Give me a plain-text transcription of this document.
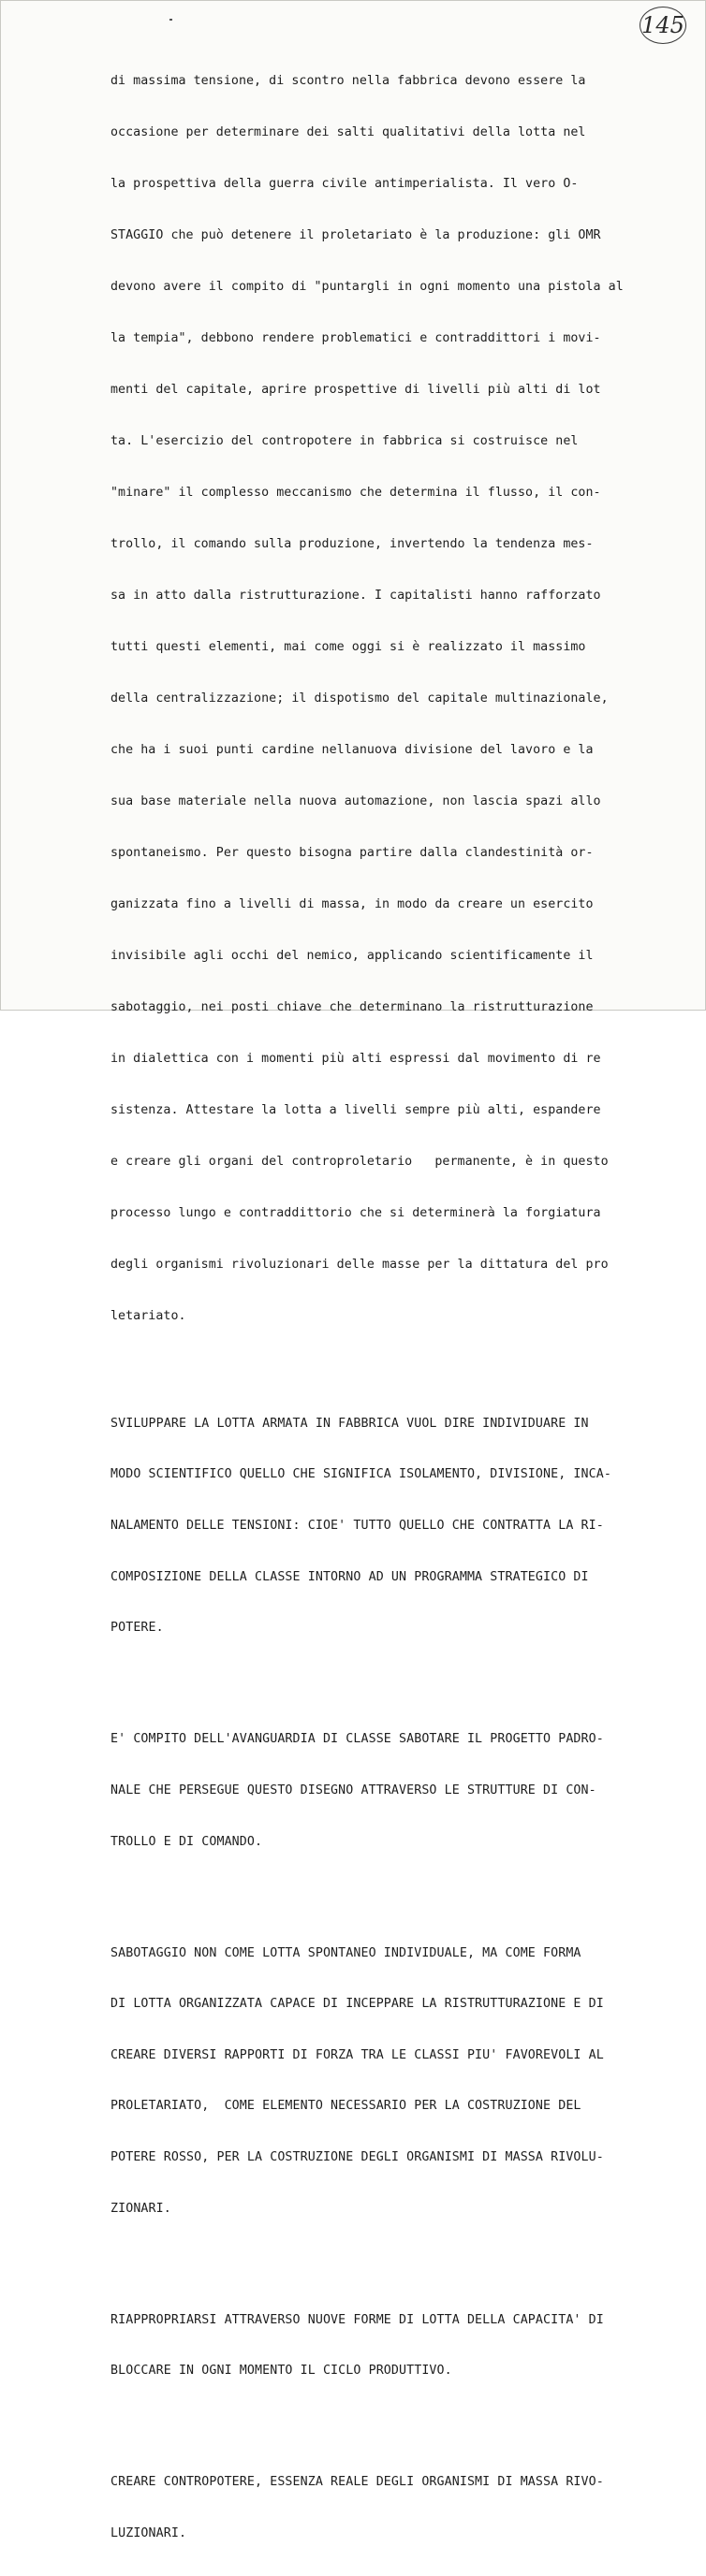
145

di massima tensione, di scontro nella fabbrica devono essere la

occasione per determinare dei salti qualitativi della lotta nel

la prospettiva della guerra civile antimperialista. Il vero O-

STAGGIO che può detenere il proletariato è la produzione: gli OMR

devono avere il compito di "puntargli in ogni momento una pistola al

la tempia", debbono rendere problematici e contraddittori i movi-

menti del capitale, aprire prospettive di livelli più alti di lot

ta. L'esercizio del contropotere in fabbrica si costruisce nel

"minare" il complesso meccanismo che determina il flusso, il con-

trollo, il comando sulla produzione, invertendo la tendenza mes-

sa in atto dalla ristrutturazione. I capitalisti hanno rafforzato

tutti questi elementi, mai come oggi si è realizzato il massimo

della centralizzazione; il dispotismo del capitale multinazionale,

che ha i suoi punti cardine nellanuova divisione del lavoro e la

sua base materiale nella nuova automazione, non lascia spazi allo

spontaneismo. Per questo bisogna partire dalla clandestinità or-

ganizzata fino a livelli di massa, in modo da creare un esercito

invisibile agli occhi del nemico, applicando scientificamente il

sabotaggio, nei posti chiave che determinano la ristrutturazione

in dialettica con i momenti più alti espressi dal movimento di re

sistenza. Attestare la lotta a livelli sempre più alti, espandere

e creare gli organi del controproletario   permanente, è in questo

processo lungo e contraddittorio che si determinerà la forgiatura

degli organismi rivoluzionari delle masse per la dittatura del pro

letariato.

SVILUPPARE LA LOTTA ARMATA IN FABBRICA VUOL DIRE INDIVIDUARE IN

MODO SCIENTIFICO QUELLO CHE SIGNIFICA ISOLAMENTO, DIVISIONE, INCA-

NALAMENTO DELLE TENSIONI: CIOE' TUTTO QUELLO CHE CONTRATTA LA RI-

COMPOSIZIONE DELLA CLASSE INTORNO AD UN PROGRAMMA STRATEGICO DI

POTERE.

E' COMPITO DELL'AVANGUARDIA DI CLASSE SABOTARE IL PROGETTO PADRO-

NALE CHE PERSEGUE QUESTO DISEGNO ATTRAVERSO LE STRUTTURE DI CON-

TROLLO E DI COMANDO.

SABOTAGGIO NON COME LOTTA SPONTANEO INDIVIDUALE, MA COME FORMA

DI LOTTA ORGANIZZATA CAPACE DI INCEPPARE LA RISTRUTTURAZIONE E DI

CREARE DIVERSI RAPPORTI DI FORZA TRA LE CLASSI PIU' FAVOREVOLI AL

PROLETARIATO,  COME ELEMENTO NECESSARIO PER LA COSTRUZIONE DEL

POTERE ROSSO, PER LA COSTRUZIONE DEGLI ORGANISMI DI MASSA RIVOLU-

ZIONARI.

RIAPPROPRIARSI ATTRAVERSO NUOVE FORME DI LOTTA DELLA CAPACITA' DI

BLOCCARE IN OGNI MOMENTO IL CICLO PRODUTTIVO.

CREARE CONTROPOTERE, ESSENZA REALE DEGLI ORGANISMI DI MASSA RIVO-

LUZIONARI.
